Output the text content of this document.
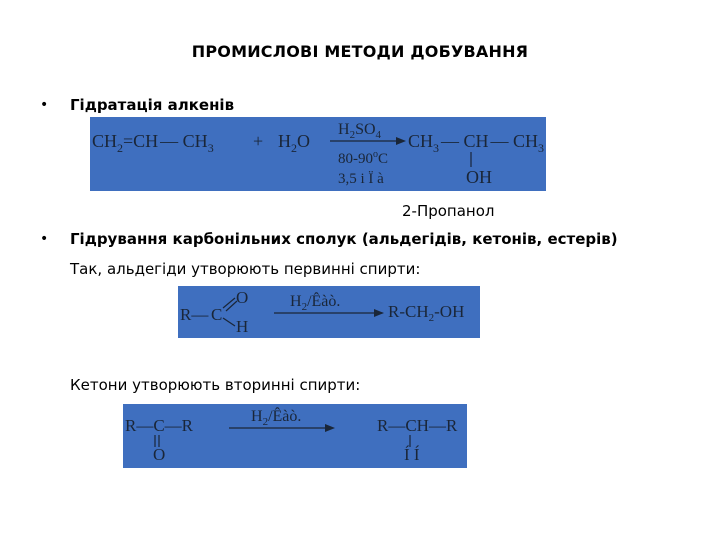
ПРОМИСЛОВІ МЕТОДИ ДОБУВАННЯ
• Гідратація алкенів
$CH_2=CH$ — $CH_3 + H_2O$
$H_2SO_4$
80-90$^o$C
3,5 і Ї à
$CH_3$ — CH — $CH_3$
OH
2-Пропанол
• Гідрування карбонільних сполук (альдегідів, кетонів, естерів)
Так, альдегіди утворюють первинні спирти:
R— C
O
H
$H_2$/Êàò.
$R-CH_2-OH$
Кетони утворюють вторинні спирти:
R—C—R
O
$H_2$/Êàò.	R—CH—R
Í Í
